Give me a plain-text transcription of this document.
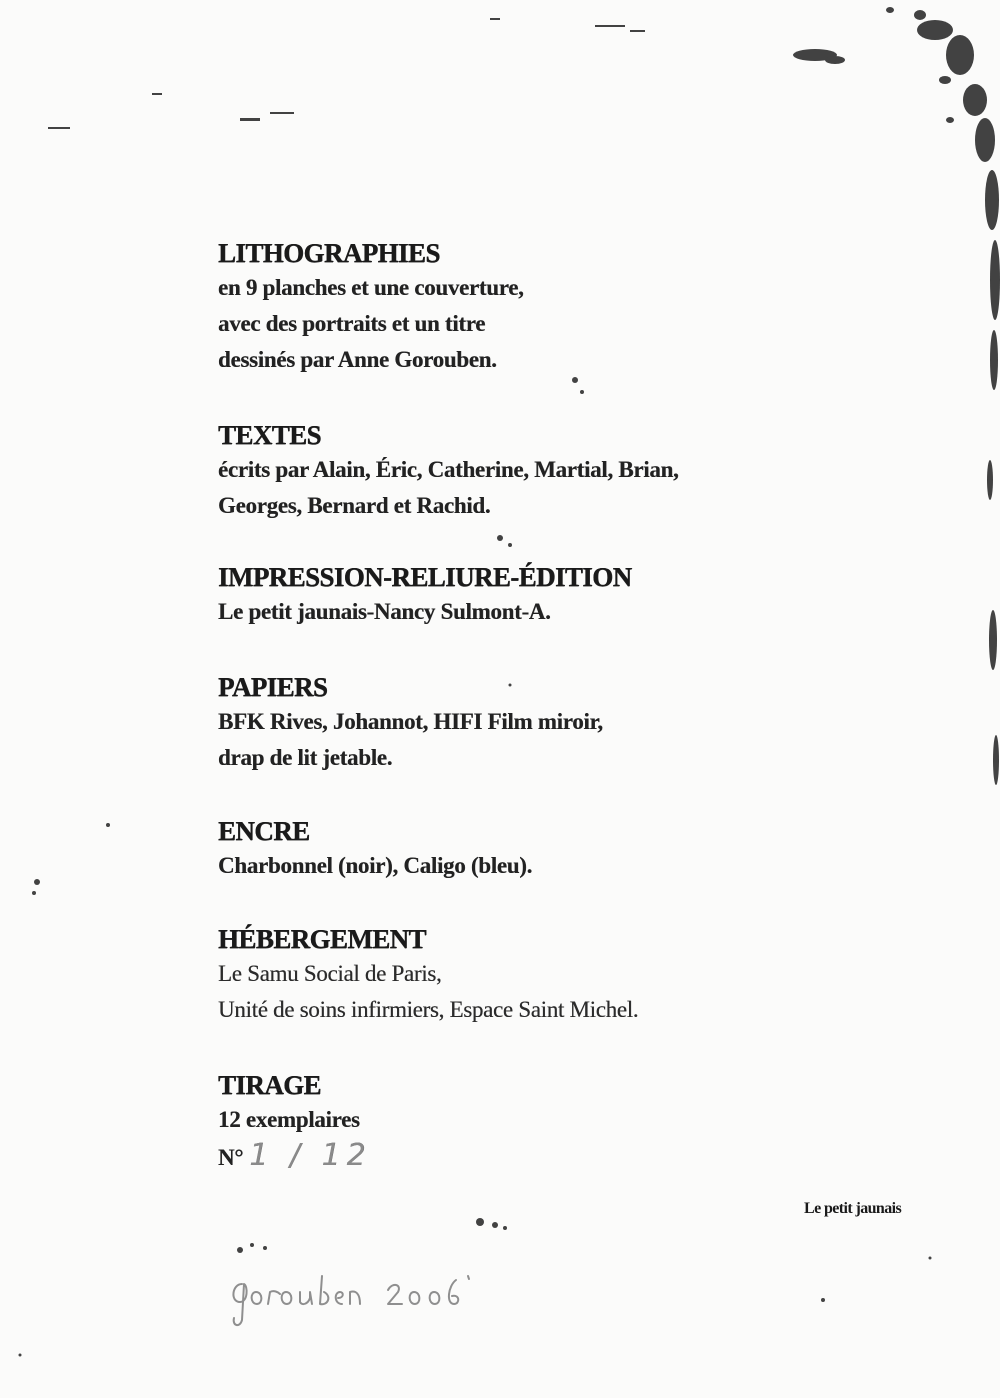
LITHOGRAPHIES

en 9 planches et une couverture,

avec des portraits et un titre

dessinés par Anne Gorouben.

TEXTES

écrits par Alain, Éric, Catherine, Martial, Brian,

Georges, Bernard et Rachid.

IMPRESSION-RELIURE-ÉDITION

Le petit jaunais-Nancy Sulmont-A.

PAPIERS

BFK Rives, Johannot, HIFI Film miroir,

drap de lit jetable.

ENCRE

Charbonnel (noir), Caligo (bleu).

HÉBERGEMENT

Le Samu Social de Paris,

Unité de soins infirmiers, Espace Saint Michel.

TIRAGE

12 exemplaires

N° 1 / 12

Le petit jaunais
Gorouben 2006
